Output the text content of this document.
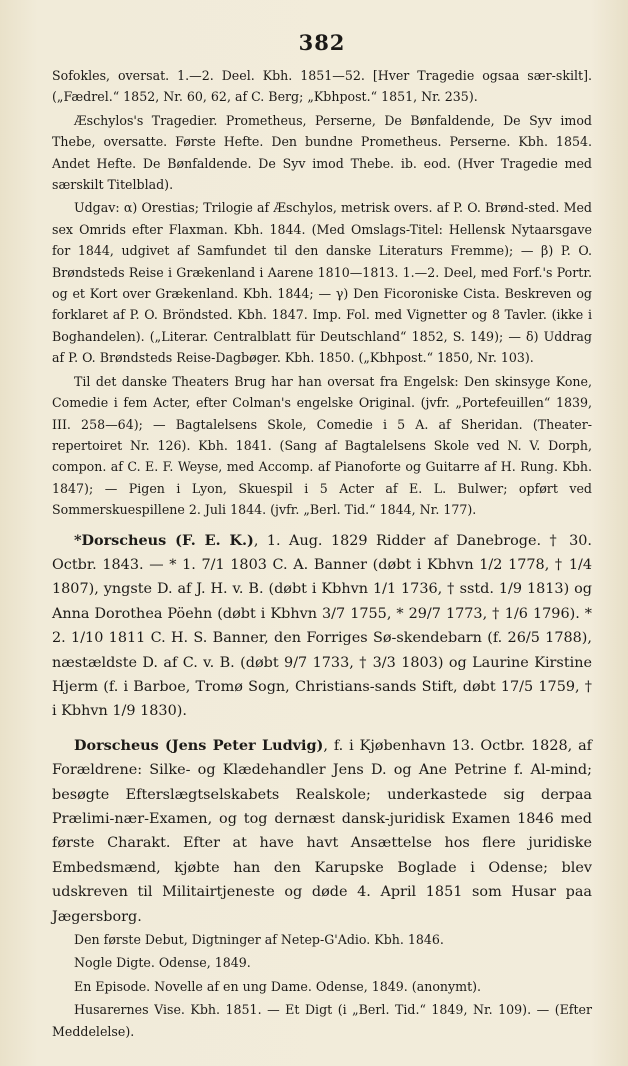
382

Sofokles, oversat. 1.—2. Deel. Kbh. 1851—52. [Hver Tragedie ogsaa sær-skilt]. („Fædrel.“ 1852, Nr. 60, 62, af C. Berg; „Kbhpost.“ 1851, Nr. 235).

Æschylos's Tragedier. Prometheus, Perserne, De Bønfaldende, De Syv imod Thebe, oversatte. Første Hefte. Den bundne Prometheus. Perserne. Kbh. 1854. Andet Hefte. De Bønfaldende. De Syv imod Thebe. ib. eod. (Hver Tragedie med særskilt Titelblad).

Udgav: α) Orestias; Trilogie af Æschylos, metrisk overs. af P. O. Brønd-sted. Med sex Omrids efter Flaxman. Kbh. 1844. (Med Omslags-Titel: Hellensk Nytaarsgave for 1844, udgivet af Samfundet til den danske Literaturs Fremme); — β) P. O. Brøndsteds Reise i Grækenland i Aarene 1810—1813. 1.—2. Deel, med Forf.'s Portr. og et Kort over Grækenland. Kbh. 1844; — γ) Den Ficoroniske Cista. Beskreven og forklaret af P. O. Bröndsted. Kbh. 1847. Imp. Fol. med Vignetter og 8 Tavler. (ikke i Boghandelen). („Literar. Centralblatt für Deutschland“ 1852, S. 149); — δ) Uddrag af P. O. Brøndsteds Reise-Dagbøger. Kbh. 1850. („Kbhpost.“ 1850, Nr. 103).

Til det danske Theaters Brug har han oversat fra Engelsk: Den skinsyge Kone, Comedie i fem Acter, efter Colman's engelske Original. (jvfr. „Portefeuillen“ 1839, III. 258—64); — Bagtalelsens Skole, Comedie i 5 A. af Sheridan. (Theater-repertoiret Nr. 126). Kbh. 1841. (Sang af Bagtalelsens Skole ved N. V. Dorph, compon. af C. E. F. Weyse, med Accomp. af Pianoforte og Guitarre af H. Rung. Kbh. 1847); — Pigen i Lyon, Skuespil i 5 Acter af E. L. Bulwer; opført ved Sommerskuespillene 2. Juli 1844. (jvfr. „Berl. Tid.“ 1844, Nr. 177).

*Dorscheus (F. E. K.), 1. Aug. 1829 Ridder af Danebroge. † 30. Octbr. 1843. — * 1. 7/1 1803 C. A. Banner (døbt i Kbhvn 1/2 1778, † 1/4 1807), yngste D. af J. H. v. B. (døbt i Kbhvn 1/1 1736, † sstd. 1/9 1813) og Anna Dorothea Pöehn (døbt i Kbhvn 3/7 1755, * 29/7 1773, † 1/6 1796). * 2. 1/10 1811 C. H. S. Banner, den Forriges Sø-skendebarn (f. 26/5 1788), næstældste D. af C. v. B. (døbt 9/7 1733, † 3/3 1803) og Laurine Kirstine Hjerm (f. i Barboe, Tromø Sogn, Christians-sands Stift, døbt 17/5 1759, † i Kbhvn 1/9 1830).

Dorscheus (Jens Peter Ludvig), f. i Kjøbenhavn 13. Octbr. 1828, af Forældrene: Silke- og Klædehandler Jens D. og Ane Petrine f. Al-mind; besøgte Efterslægtselskabets Realskole; underkastede sig derpaa Prælimi-nær-Examen, og tog dernæst dansk-juridisk Examen 1846 med første Charakt. Efter at have havt Ansættelse hos flere juridiske Embedsmænd, kjøbte han den Karupske Boglade i Odense; blev udskreven til Militairtjeneste og døde 4. April 1851 som Husar paa Jægersborg.

Den første Debut, Digtninger af Netep-G'Adio. Kbh. 1846.

Nogle Digte. Odense, 1849.

En Episode. Novelle af en ung Dame. Odense, 1849. (anonymt).

Husarernes Vise. Kbh. 1851. — Et Digt (i „Berl. Tid.“ 1849, Nr. 109). — (Efter Meddelelse).
